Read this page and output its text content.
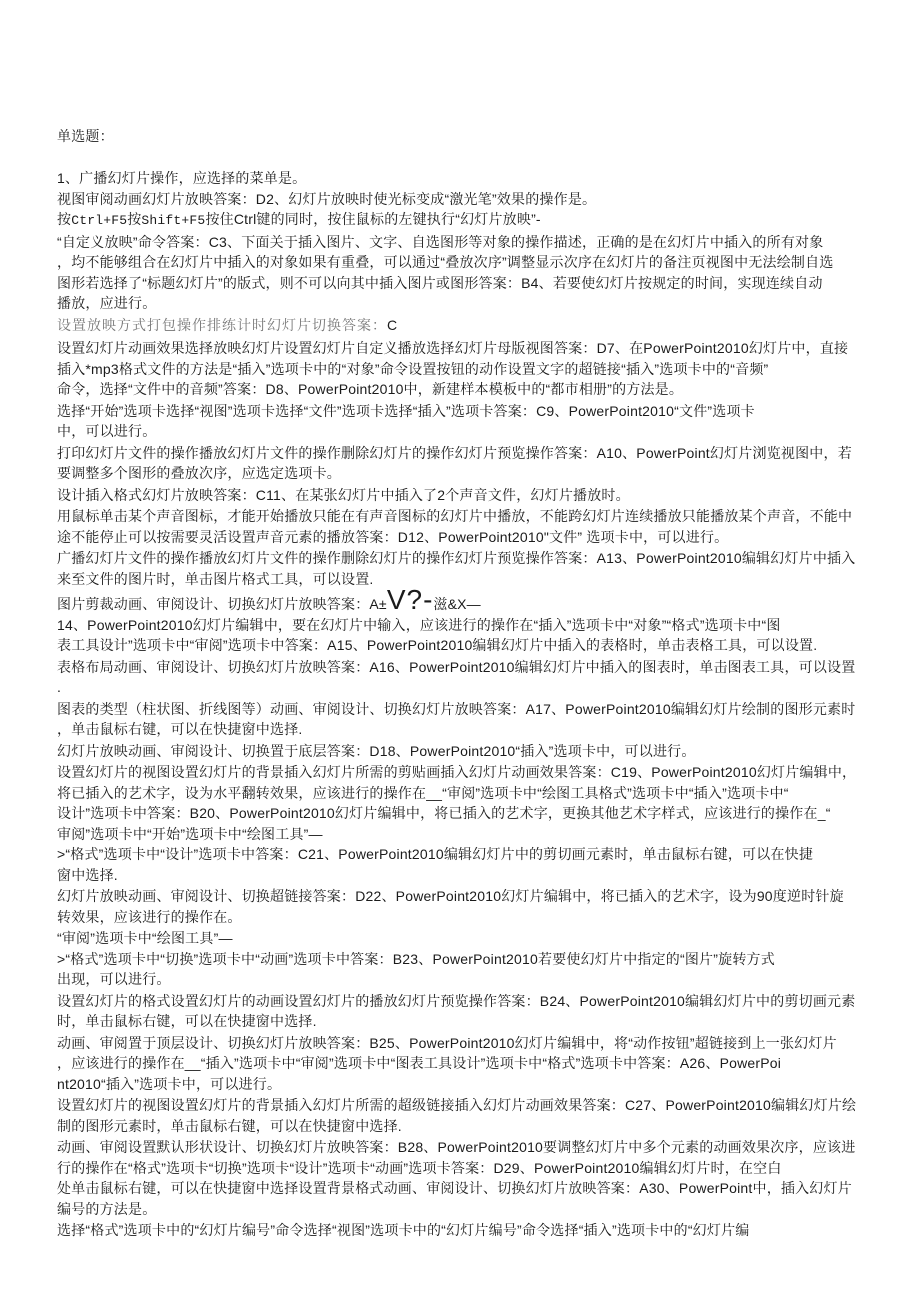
单选题：

1、广播幻灯片操作，应选择的菜单是。
视图审阅动画幻灯片放映答案：D2、幻灯片放映时使光标变成“激光笔”效果的操作是。
按Ctrl+F5按Shift+F5按住Ctrl键的同时，按住鼠标的左键执行“幻灯片放映”-
“自定义放映”命令答案：C3、下面关于插入图片、文字、自选图形等对象的操作描述，正确的是在幻灯片中插入的所有对象
，均不能够组合在幻灯片中插入的对象如果有重叠，可以通过“叠放次序”调整显示次序在幻灯片的备注页视图中无法绘制自选
图形若选择了“标题幻灯片”的版式，则不可以向其中插入图片或图形答案：B4、若要使幻灯片按规定的时间，实现连续自动
播放，应进行。
设置放映方式打包操作排练计时幻灯片切换答案：C
设置幻灯片动画效果选择放映幻灯片设置幻灯片自定义播放选择幻灯片母版视图答案：D7、在PowerPoint2010幻灯片中，直接
插入*mp3格式文件的方法是“插入”选项卡中的“对象”命令设置按钮的动作设置文字的超链接“插入”选项卡中的“音频”
命令，选择“文件中的音频”答案：D8、PowerPoint2010中，新建样本模板中的“都市相册”的方法是。
选择“开始”选项卡选择“视图”选项卡选择“文件”选项卡选择“插入”选项卡答案：C9、PowerPoint2010“文件”选项卡
中，可以进行。
打印幻灯片文件的操作播放幻灯片文件的操作删除幻灯片的操作幻灯片预览操作答案：A10、PowerPoint幻灯片浏览视图中，若
要调整多个图形的叠放次序，应选定选项卡。
设计插入格式幻灯片放映答案：C11、在某张幻灯片中插入了2个声音文件，幻灯片播放时。
用鼠标单击某个声音图标，才能开始播放只能在有声音图标的幻灯片中播放，不能跨幻灯片连续播放只能播放某个声音，不能中
途不能停止可以按需要灵活设置声音元素的播放答案：D12、PowerPoint2010"文件” 选项卡中，可以进行。
广播幻灯片文件的操作播放幻灯片文件的操作删除幻灯片的操作幻灯片预览操作答案：A13、PowerPoint2010编辑幻灯片中插入
来至文件的图片时，单击图片格式工具，可以设置.
图片剪裁动画、审阅设计、切换幻灯片放映答案：A±V?-滋&X—
14、PowerPoint2010幻灯片编辑中，要在幻灯片中输入，应该进行的操作在“插入”选项卡中“对象”“格式”选项卡中“图
表工具设计”选项卡中“审阅”选项卡中答案：A15、PowerPoint2010编辑幻灯片中插入的表格时，单击表格工具，可以设置.
表格布局动画、审阅设计、切换幻灯片放映答案：A16、PowerPoint2010编辑幻灯片中插入的图表时，单击图表工具，可以设置
.
图表的类型（柱状图、折线图等）动画、审阅设计、切换幻灯片放映答案：A17、PowerPoint2010编辑幻灯片绘制的图形元素时
，单击鼠标右键，可以在快捷窗中选择.
幻灯片放映动画、审阅设计、切换置于底层答案：D18、PowerPoint2010“插入”选项卡中，可以进行。
设置幻灯片的视图设置幻灯片的背景插入幻灯片所需的剪贴画插入幻灯片动画效果答案：C19、PowerPoint2010幻灯片编辑中，
将已插入的艺术字，设为水平翻转效果，应该进行的操作在__“审阅”选项卡中“绘图工具格式”选项卡中“插入”选项卡中“
设计”选项卡中答案：B20、PowerPoint2010幻灯片编辑中，将已插入的艺术字，更换其他艺术字样式，应该进行的操作在_“
审阅”选项卡中“开始”选项卡中“绘图工具”—
>“格式”选项卡中“设计”选项卡中答案：C21、PowerPoint2010编辑幻灯片中的剪切画元素时，单击鼠标右键，可以在快捷
窗中选择.
幻灯片放映动画、审阅设计、切换超链接答案：D22、PowerPoint2010幻灯片编辑中，将已插入的艺术字，设为90度逆时针旋
转效果，应该进行的操作在。
“审阅”选项卡中“绘图工具”—
>“格式”选项卡中“切换”选项卡中“动画”选项卡中答案：B23、PowerPoint2010若要使幻灯片中指定的“图片”旋转方式
出现，可以进行。
设置幻灯片的格式设置幻灯片的动画设置幻灯片的播放幻灯片预览操作答案：B24、PowerPoint2010编辑幻灯片中的剪切画元素
时，单击鼠标右键，可以在快捷窗中选择.
动画、审阅置于顶层设计、切换幻灯片放映答案：B25、PowerPoint2010幻灯片编辑中，将“动作按钮”超链接到上一张幻灯片
，应该进行的操作在__“插入”选项卡中“审阅”选项卡中“图表工具设计”选项卡中“格式”选项卡中答案：A26、PowerPoi
nt2010“插入”选项卡中，可以进行。
设置幻灯片的视图设置幻灯片的背景插入幻灯片所需的超级链接插入幻灯片动画效果答案：C27、PowerPoint2010编辑幻灯片绘
制的图形元素时，单击鼠标右键，可以在快捷窗中选择.
动画、审阅设置默认形状设计、切换幻灯片放映答案：B28、PowerPoint2010要调整幻灯片中多个元素的动画效果次序，应该进
行的操作在“格式”选项卡“切换”选项卡“设计”选项卡“动画”选项卡答案：D29、PowerPoint2010编辑幻灯片时，在空白
处单击鼠标右键，可以在快捷窗中选择设置背景格式动画、审阅设计、切换幻灯片放映答案：A30、PowerPoint中，插入幻灯片
编号的方法是。
选择“格式”选项卡中的“幻灯片编号”命令选择“视图”选项卡中的“幻灯片编号”命令选择“插入”选项卡中的“幻灯片编
